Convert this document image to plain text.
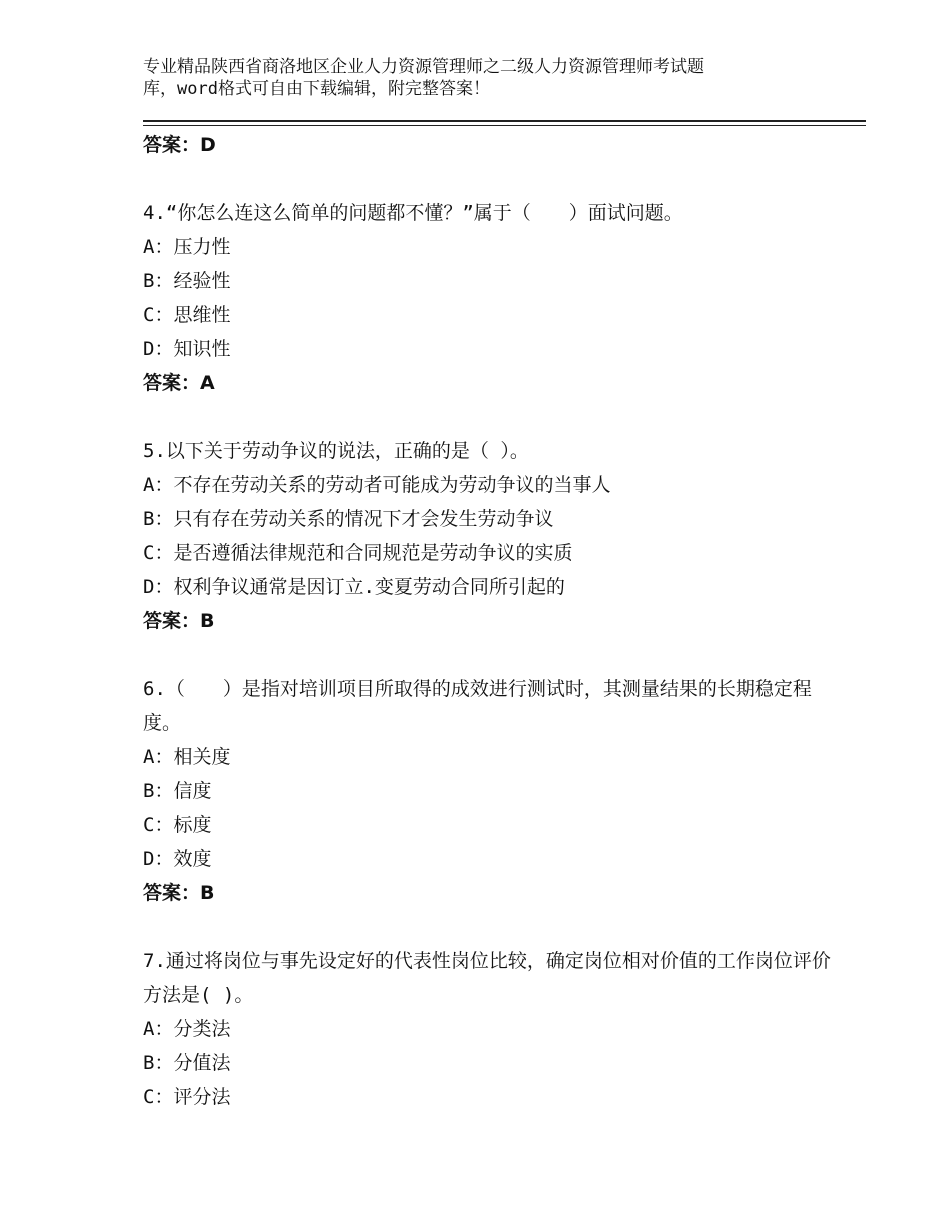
专业精品陕西省商洛地区企业人力资源管理师之二级人力资源管理师考试题
库，word格式可自由下载编辑，附完整答案！
答案：D
4.“你怎么连这么简单的问题都不懂？”属于（　　）面试问题。
A：压力性
B：经验性
C：思维性
D：知识性
答案：A
5.以下关于劳动争议的说法，正确的是（ ）。
A：不存在劳动关系的劳动者可能成为劳动争议的当事人
B：只有存在劳动关系的情况下才会发生劳动争议
C：是否遵循法律规范和合同规范是劳动争议的实质
D：权利争议通常是因订立.变夏劳动合同所引起的
答案：B
6.（　　）是指对培训项目所取得的成效进行测试时，其测量结果的长期稳定程度。
A：相关度
B：信度
C：标度
D：效度
答案：B
7.通过将岗位与事先设定好的代表性岗位比较，确定岗位相对价值的工作岗位评价方法是( )。
A：分类法
B：分值法
C：评分法
